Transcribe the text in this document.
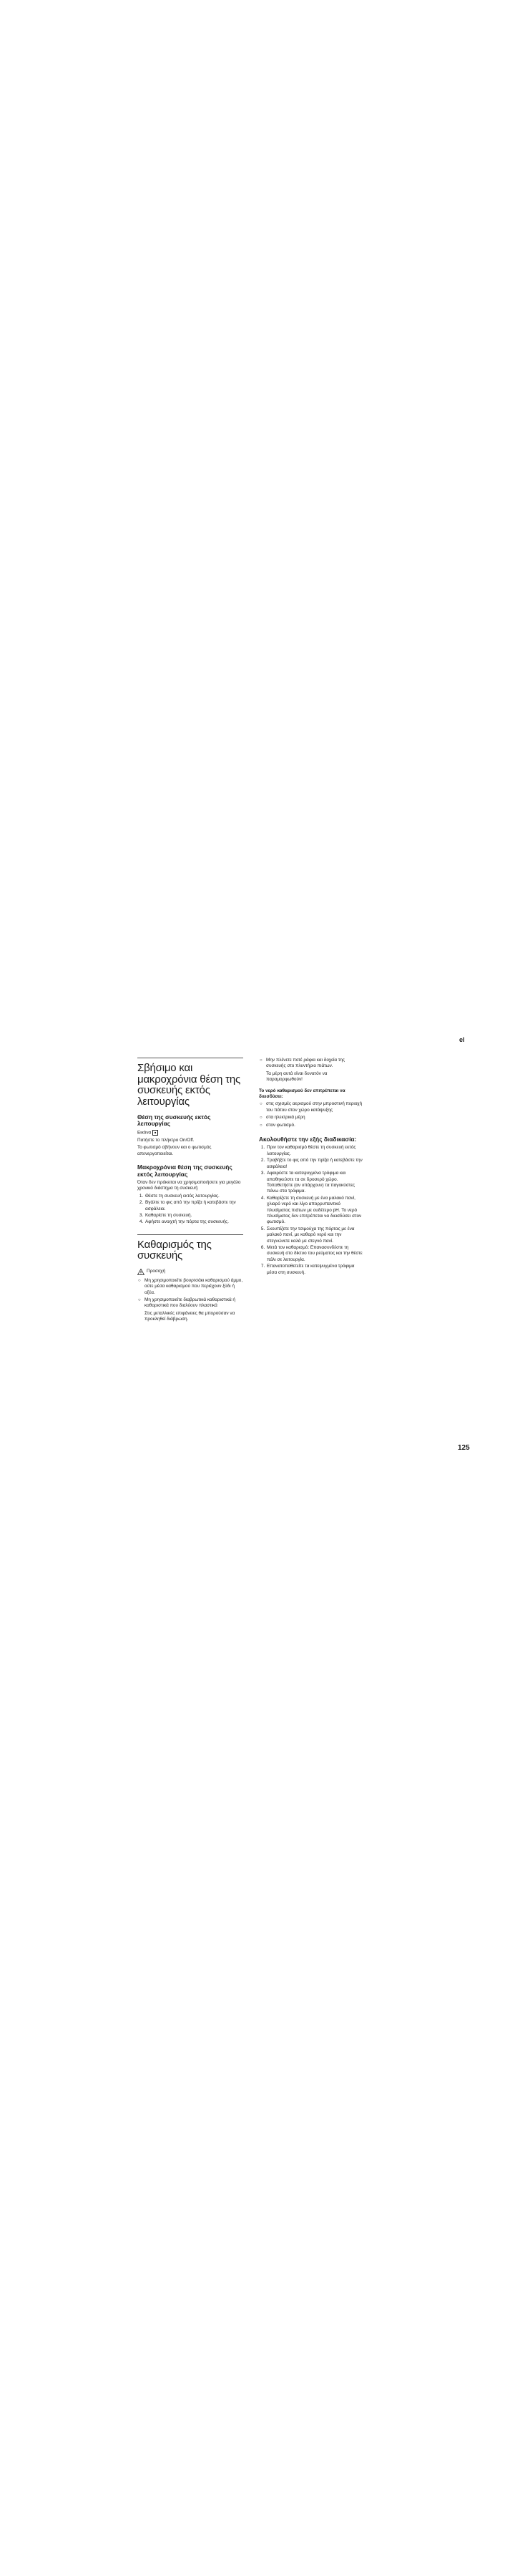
el
Σβήσιμο και μακροχρόνια θέση της συσκευής εκτός λειτουργίας
Θέση της συσκευής εκτός λειτουργίας

Εικόνα ■

Πατήστε το πλήκτρο On/Off.

Το φωτισμό σβήνουν και ο φωτισμός απενεργοποιείται.

Μακροχρόνια θέση της συσκευής εκτός λειτουργίας

Όταν δεν πρόκειται να χρησιμοποιήσετε για μεγάλο χρονικό διάστημα τη συσκευή:

1. Θέστε τη συσκευή εκτός λειτουργίας.
2. Βγάλτε το φις από την πρίζα ή κατεβάστε την ασφάλεια.
3. Καθαρίστε τη συσκευή.
4. Αφήστε ανοιχτή την πόρτα της συσκευής.
Καθαρισμός της συσκευής
Προσοχή
○ Μη χρησιμοποιείτε βουρτσάκι καθαρισμού άμμο, ούτε μέσα καθαρισμού που περιέχουν ξύδι ή οξέα.
○ Μη χρησιμοποιείτε διαβρωτικά καθαριστικά ή καθαριστικά που διαλύουν πλαστικά
Στις μεταλλικές επιφάνειες θα μπορούσαν να προκληθεί διάβρωση.
○ Μην πλένετε ποτέ ράφια και δοχεία της συσκευής στο πλυντήριο πιάτων.
Τα μέρη αυτά είναι δυνατόν να παραμορφωθούν!

Το νερό καθαρισμού δεν επιτρέπεται να διεισδύσει:

○ στις σχισμές αερισμού στην μπροστινή περιοχή του πάτου στον χώρο κατάψυξης
○ στα ηλεκτρικά μέρη
○ στον φωτισμό.
Ακολουθήστε την εξής διαδικασία:
1. Πριν τον καθαρισμό θέστε τη συσκευή εκτός λειτουργίας.
2. Τραβήξτε το φις από την πρίζα ή κατεβάστε την ασφάλεια!
3. Αφαιρέστε τα κατεψυγμένα τρόφιμα και αποθηκεύστε τα σε δροσερό χώρο. Τοποθετήστε (αν υπάρχουν) τα παγοκύστες πάνω στα τρόφιμα.
4. Καθαρίζετε τη συσκευή με ένα μαλακό πανί, χλιαρό νερό και λίγο απορρυπαντικό πλυσίματος πιάτων με ουδέτερο pH. Το νερό πλυσίματος δεν επιτρέπεται να διεισδύσει στον φωτισμό.
5. Σκουπίζετε την τσιμούχα της πόρτας με ένα μαλακό πανί, με καθαρό νερό και την στεγνώνετε καλά με στεγνό πανί.
6. Μετά τον καθαρισμό: Επανασυνδέστε τη συσκευή στο δίκτυο του ρεύματος και την θέστε πάλι σε λειτουργία.
7. Επανατοποθετείτε τα κατεψυγμένα τρόφιμα μέσα στη συσκευή.
125
